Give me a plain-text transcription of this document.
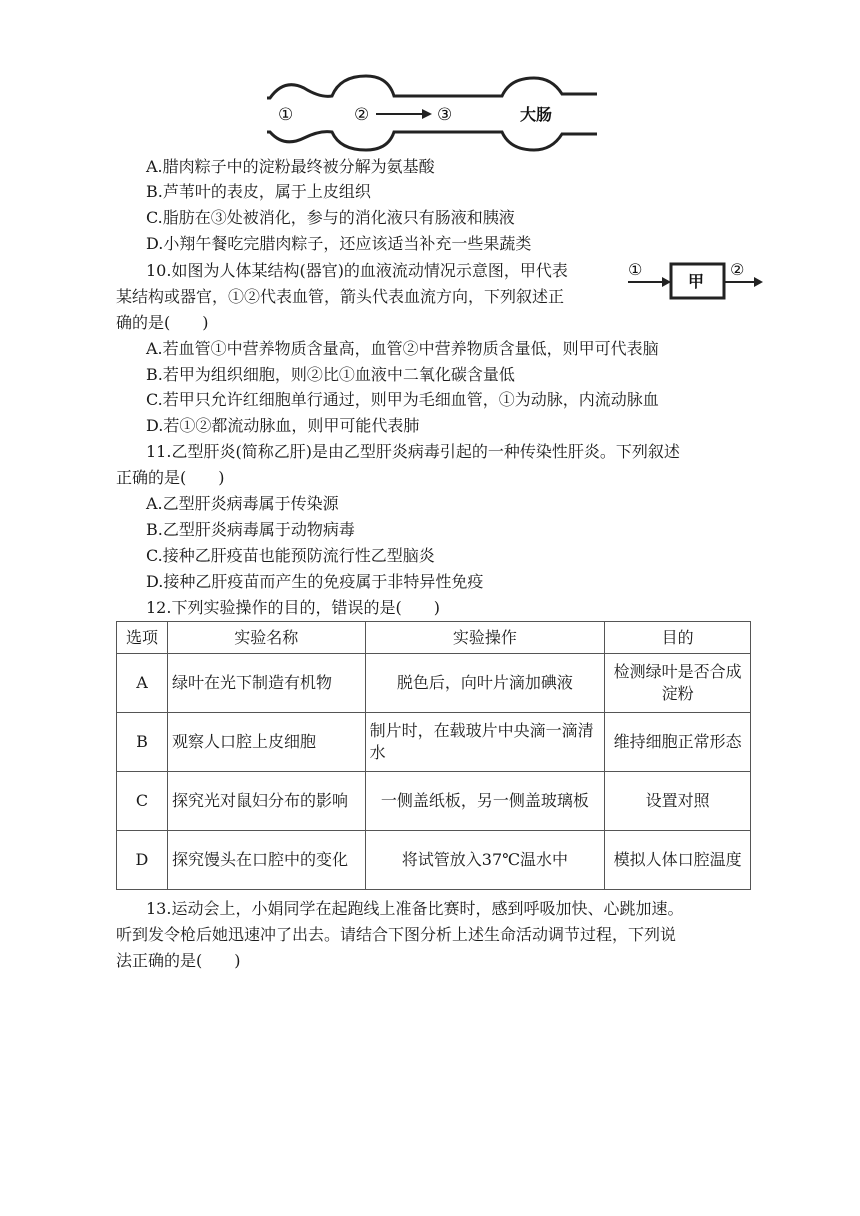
①	②	③	大肠
A.腊肉粽子中的淀粉最终被分解为氨基酸
B.芦苇叶的表皮，属于上皮组织
C.脂肪在③处被消化，参与的消化液只有肠液和胰液
D.小翔午餐吃完腊肉粽子，还应该适当补充一些果蔬类
10.如图为人体某结构(器官)的血液流动情况示意图，甲代表
某结构或器官，①②代表血管，箭头代表血流方向，下列叙述正
确的是(　　)
①
甲
②
A.若血管①中营养物质含量高，血管②中营养物质含量低，则甲可代表脑
B.若甲为组织细胞，则②比①血液中二氧化碳含量低
C.若甲只允许红细胞单行通过，则甲为毛细血管，①为动脉，内流动脉血
D.若①②都流动脉血，则甲可能代表肺
11.乙型肝炎(简称乙肝)是由乙型肝炎病毒引起的一种传染性肝炎。下列叙述
正确的是(　　)
A.乙型肝炎病毒属于传染源
B.乙型肝炎病毒属于动物病毒
C.接种乙肝疫苗也能预防流行性乙型脑炎
D.接种乙肝疫苗而产生的免疫属于非特异性免疫
12.下列实验操作的目的，错误的是(　　)
选项	实验名称	实验操作	目的
A	绿叶在光下制造有机物	脱色后，向叶片滴加碘液	检测绿叶是否合成淀粉
B	观察人口腔上皮细胞	制片时，在载玻片中央滴一滴清水	维持细胞正常形态
C	探究光对鼠妇分布的影响	一侧盖纸板，另一侧盖玻璃板	设置对照
D	探究馒头在口腔中的变化	将试管放入37℃温水中	模拟人体口腔温度
13.运动会上，小娟同学在起跑线上准备比赛时，感到呼吸加快、心跳加速。
听到发令枪后她迅速冲了出去。请结合下图分析上述生命活动调节过程，下列说
法正确的是(　　)
